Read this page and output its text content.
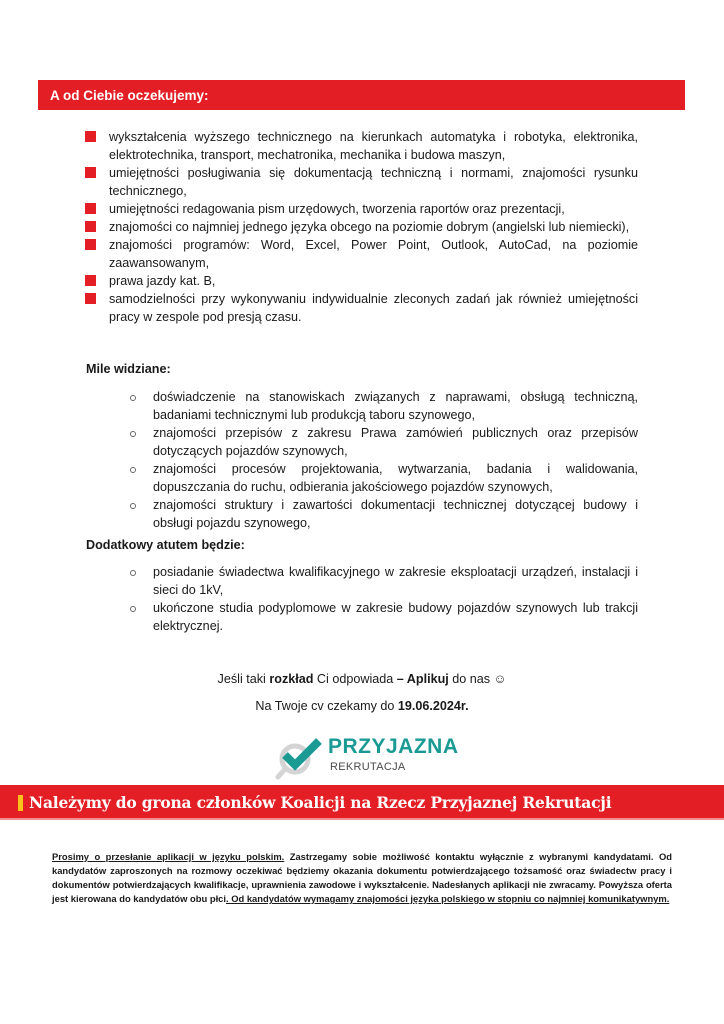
A od Ciebie oczekujemy:
wykształcenia wyższego technicznego na kierunkach automatyka i robotyka, elektronika, elektrotechnika, transport, mechatronika, mechanika i budowa maszyn,
umiejętności posługiwania się dokumentacją techniczną i normami, znajomości rysunku technicznego,
umiejętności redagowania pism urzędowych, tworzenia raportów oraz prezentacji,
znajomości co najmniej jednego języka obcego na poziomie dobrym (angielski lub niemiecki),
znajomości programów: Word, Excel, Power Point, Outlook, AutoCad, na poziomie zaawansowanym,
prawa jazdy kat. B,
samodzielności przy wykonywaniu indywidualnie zleconych zadań jak również umiejętności pracy w zespole pod presją czasu.
Mile widziane:
doświadczenie na stanowiskach związanych z naprawami, obsługą techniczną, badaniami technicznymi lub produkcją taboru szynowego,
znajomości przepisów z zakresu Prawa zamówień publicznych oraz przepisów dotyczących pojazdów szynowych,
znajomości procesów projektowania, wytwarzania, badania i walidowania, dopuszczania do ruchu, odbierania jakościowego pojazdów szynowych,
znajomości struktury i zawartości dokumentacji technicznej dotyczącej budowy i obsługi pojazdu szynowego,
Dodatkowy atutem będzie:
posiadanie świadectwa kwalifikacyjnego w zakresie eksploatacji urządzeń, instalacji i sieci do 1kV,
ukończone studia podyplomowe w zakresie budowy pojazdów szynowych lub trakcji elektrycznej.
Jeśli taki rozkład Ci odpowiada – Aplikuj do nas ☺
Na Twoje cv czekamy do 19.06.2024r.
PRZYJAZNA
REKRUTACJA
Należymy do grona członków Koalicji na Rzecz Przyjaznej Rekrutacji
Prosimy o przesłanie aplikacji w języku polskim. Zastrzegamy sobie możliwość kontaktu wyłącznie z wybranymi kandydatami. Od kandydatów zaproszonych na rozmowy oczekiwać będziemy okazania dokumentu potwierdzającego tożsamość oraz świadectw pracy i dokumentów potwierdzających kwalifikacje, uprawnienia zawodowe i wykształcenie. Nadesłanych aplikacji nie zwracamy. Powyższa oferta jest kierowana do kandydatów obu płci. Od kandydatów wymagamy znajomości języka polskiego w stopniu co najmniej komunikatywnym.
